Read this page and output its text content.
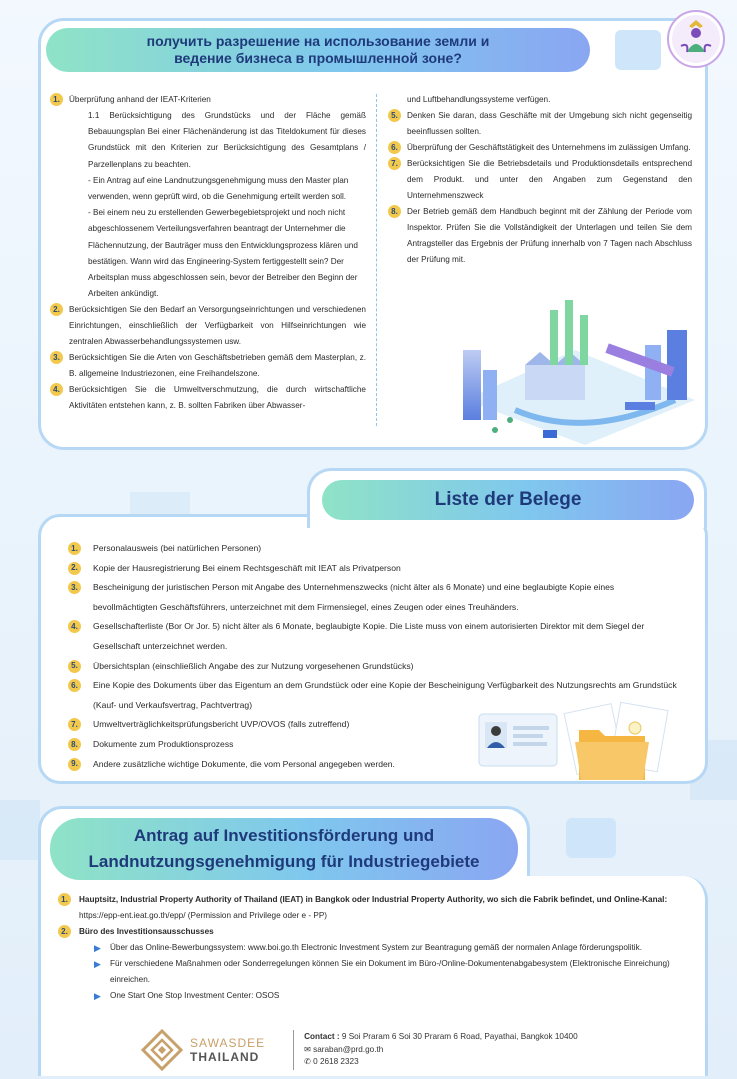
получить разрешение на использование земли и
ведение бизнеса в промышленной зоне?
1.	Überprüfung anhand der IEAT-Kriterien
1.1 Berücksichtigung des Grundstücks und der Fläche gemäß Bebauungsplan Bei einer Flächenänderung ist das Titeldokument für dieses Grundstück mit den Kriterien zur Berücksichtigung des Gesamtplans / Parzellenplans zu beachten.
- Ein Antrag auf eine Landnutzungsgenehmigung muss den Master plan verwenden, wenn geprüft wird, ob die Genehmigung erteilt werden soll.
- Bei einem neu zu erstellenden Gewerbegebietsprojekt und noch nicht abgeschlossenem Verteilungsverfahren beantragt der Unternehmer die Flächennutzung, der Bauträger muss den Entwicklungsprozess klären und bestätigen. Wann wird das Engineering-System fertiggestellt sein? Der Arbeitsplan muss abgeschlossen sein, bevor der Betreiber den Beginn der Arbeiten ankündigt.
2.	Berücksichtigen Sie den Bedarf an Versorgungseinrichtungen und verschiedenen Einrichtungen, einschließlich der Verfügbarkeit von Hilfseinrichtungen wie zentralen Abwasserbehandlungssystemen usw.
3.	Berücksichtigen Sie die Arten von Geschäftsbetrieben gemäß dem Masterplan, z. B. allgemeine Industriezonen, eine Freihandelszone.
4.	Berücksichtigen Sie die Umweltverschmutzung, die durch wirtschaftliche Aktivitäten entstehen kann, z. B. sollten Fabriken über Abwasser-
und Luftbehandlungssysteme verfügen.
5.	Denken Sie daran, dass Geschäfte mit der Umgebung sich nicht gegenseitig beeinflussen sollten.
6.	Überprüfung der Geschäftstätigkeit des Unternehmens im zulässigen Umfang.
7.	Berücksichtigen Sie die Betriebsdetails und Produktionsdetails entsprechend dem Produkt. und unter den Angaben zum Gegenstand den Unternehmenszweck
8.	Der Betrieb gemäß dem Handbuch beginnt mit der Zählung der Periode vom Inspektor. Prüfen Sie die Vollständigkeit der Unterlagen und teilen Sie dem Antragsteller das Ergebnis der Prüfung innerhalb von 7 Tagen nach Abschluss der Prüfung mit.
Liste der Belege
1.	Personalausweis (bei natürlichen Personen)
2.	Kopie der Hausregistrierung Bei einem Rechtsgeschäft mit IEAT als Privatperson
3.	Bescheinigung der juristischen Person mit Angabe des Unternehmenszwecks (nicht älter als 6 Monate) und eine beglaubigte Kopie eines bevollmächtigten Geschäftsführers, unterzeichnet mit dem Firmensiegel, eines Zeugen oder eines Treuhänders.
4.	Gesellschafterliste (Bor Or Jor. 5) nicht älter als 6 Monate, beglaubigte Kopie. Die Liste muss von einem autorisierten Direktor mit dem Siegel der Gesellschaft unterzeichnet werden.
5.	Übersichtsplan (einschließlich Angabe des zur Nutzung vorgesehenen Grundstücks)
6.	Eine Kopie des Dokuments über das Eigentum an dem Grundstück oder eine Kopie der Bescheinigung Verfügbarkeit des Nutzungsrechts am Grundstück (Kauf- und Verkaufsvertrag, Pachtvertrag)
7.	Umweltverträglichkeitsprüfungsbericht UVP/OVOS (falls zutreffend)
8.	Dokumente zum Produktionsprozess
9.	Andere zusätzliche wichtige Dokumente, die vom Personal angegeben werden.
Antrag auf Investitionsförderung und
Landnutzungsgenehmigung für Industriegebiete
1.	Hauptsitz, Industrial Property Authority of Thailand (IEAT) in Bangkok oder Industrial Property Authority, wo sich die Fabrik befindet, und Online-Kanal: https://epp-ent.ieat.go.th/epp/ (Permission and Privilege oder e - PP)
2.	Büro des Investitionsausschusses
▶	Über das Online-Bewerbungssystem: www.boi.go.th Electronic Investment System zur Beantragung gemäß der normalen Anlage förderungspolitik.
▶	Für verschiedene Maßnahmen oder Sonderregelungen können Sie ein Dokument im Büro-/Online-Dokumentenabgabesystem (Elektronische Einreichung) einreichen.
▶	One Start One Stop Investment Center: OSOS
SAWASDEE
THAILAND
Contact : 9 Soi Praram 6 Soi 30 Praram 6 Road, Payathai, Bangkok 10400
✉ saraban@prd.go.th
✆ 0 2618 2323
